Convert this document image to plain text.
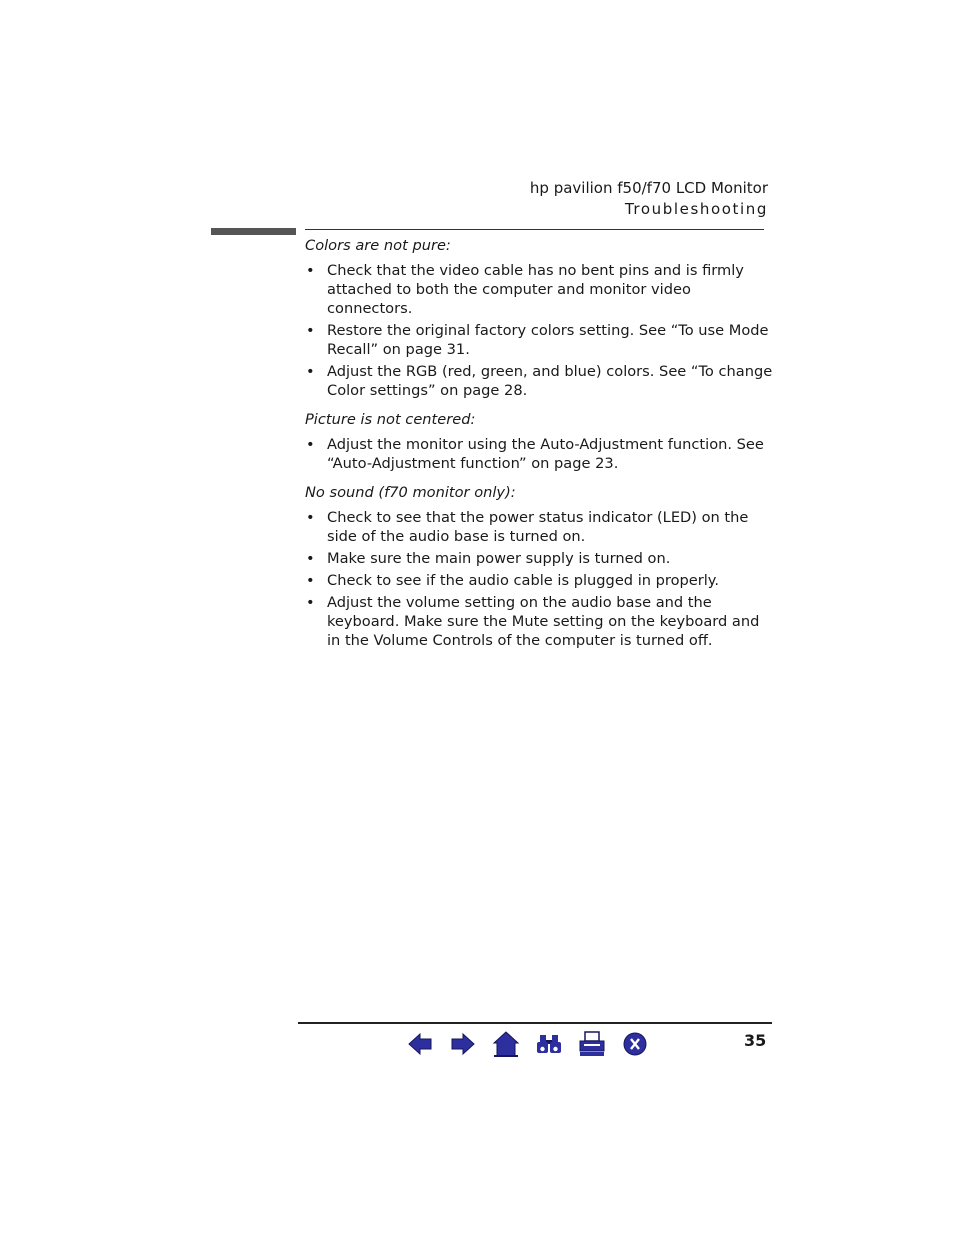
hp pavilion f50/f70 LCD Monitor
Troubleshooting

Colors are not pure:

• Check that the video cable has no bent pins and is firmly attached to both the computer and monitor video connectors.
• Restore the original factory colors setting. See “To use Mode Recall” on page 31.
• Adjust the RGB (red, green, and blue) colors. See “To change Color settings” on page 28.

Picture is not centered:

• Adjust the monitor using the Auto-Adjustment function. See “Auto-Adjustment function” on page 23.

No sound (f70 monitor only):

• Check to see that the power status indicator (LED) on the side of the audio base is turned on.
• Make sure the main power supply is turned on.
• Check to see if the audio cable is plugged in properly.
• Adjust the volume setting on the audio base and the keyboard. Make sure the Mute setting on the keyboard and in the Volume Controls of the computer is turned off.
35
